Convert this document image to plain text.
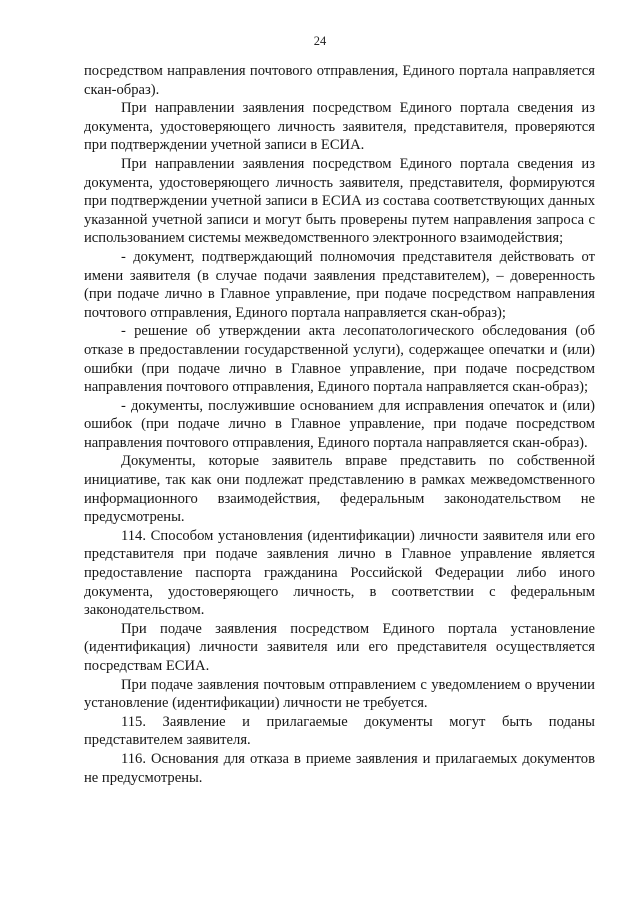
24

посредством направления почтового отправления, Единого портала направляется скан-образ).

При направлении заявления посредством Единого портала сведения из документа, удостоверяющего личность заявителя, представителя, проверяются при подтверждении учетной записи в ЕСИА.

При направлении заявления посредством Единого портала сведения из документа, удостоверяющего личность заявителя, представителя, формируются при подтверждении учетной записи в ЕСИА из состава соответствующих данных указанной учетной записи и могут быть проверены путем направления запроса с использованием системы межведомственного электронного взаимодействия;

- документ, подтверждающий полномочия представителя действовать от имени заявителя (в случае подачи заявления представителем), – доверенность (при подаче лично в Главное управление, при подаче посредством направления почтового отправления, Единого портала направляется скан-образ);

- решение об утверждении акта лесопатологического обследования (об отказе в предоставлении государственной услуги), содержащее опечатки и (или) ошибки (при подаче лично в Главное управление, при подаче посредством направления почтового отправления, Единого портала направляется скан-образ);

- документы, послужившие основанием для исправления опечаток и (или) ошибок (при подаче лично в Главное управление, при подаче посредством направления почтового отправления, Единого портала направляется скан-образ).

Документы, которые заявитель вправе представить по собственной инициативе, так как они подлежат представлению в рамках межведомственного информационного взаимодействия, федеральным законодательством не предусмотрены.

114. Способом установления (идентификации) личности заявителя или его представителя при подаче заявления лично в Главное управление является предоставление паспорта гражданина Российской Федерации либо иного документа, удостоверяющего личность, в соответствии с федеральным законодательством.

При подаче заявления посредством Единого портала установление (идентификация) личности заявителя или его представителя осуществляется посредствам ЕСИА.

При подаче заявления почтовым отправлением с уведомлением о вручении установление (идентификации) личности не требуется.

115. Заявление и прилагаемые документы могут быть поданы представителем заявителя.

116. Основания для отказа в приеме заявления и прилагаемых документов не предусмотрены.
